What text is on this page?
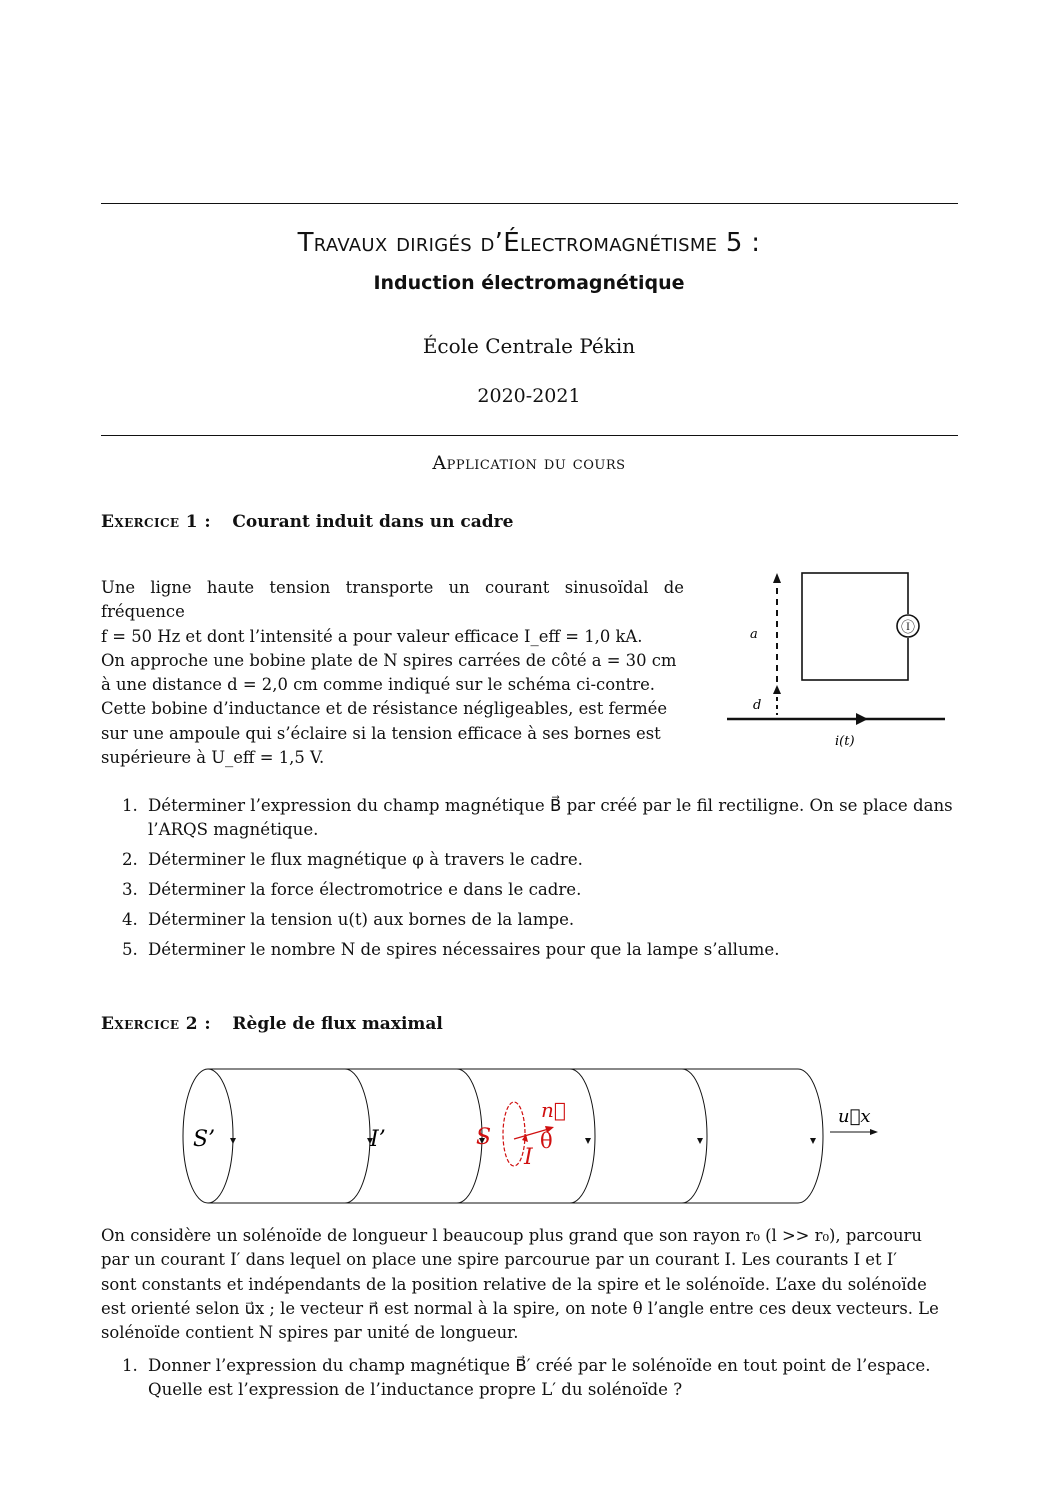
Travaux dirigés d’Électromagnétisme 5 :
Induction électromagnétique
École Centrale Pékin
2020-2021
Application du cours
Exercice 1 : Courant induit dans un cadre
Une ligne haute tension transporte un courant sinusoïdal de fréquence
f = 50 Hz et dont l’intensité a pour valeur efficace I_eff = 1,0 kA.
On approche une bobine plate de N spires carrées de côté a = 30 cm
à une distance d = 2,0 cm comme indiqué sur le schéma ci-contre.
Cette bobine d’inductance et de résistance négligeables, est fermée
sur une ampoule qui s’éclaire si la tension efficace à ses bornes est
supérieure à U_eff = 1,5 V.
Ⓘ
a
d
i(t)
1. Déterminer l’expression du champ magnétique B⃗ par créé par le fil rectiligne. On se place dans l’ARQS magnétique.
2. Déterminer le flux magnétique φ à travers le cadre.
3. Déterminer la force électromotrice e dans le cadre.
4. Déterminer la tension u(t) aux bornes de la lampe.
5. Déterminer le nombre N de spires nécessaires pour que la lampe s’allume.
Exercice 2 : Règle de flux maximal
S’	I’	S
I
n⃗
θ
u⃗x
On considère un solénoïde de longueur l beaucoup plus grand que son rayon r₀ (l >> r₀), parcouru
par un courant I′ dans lequel on place une spire parcourue par un courant I. Les courants I et I′
sont constants et indépendants de la position relative de la spire et le solénoïde. L’axe du solénoïde
est orienté selon u⃗x ; le vecteur n⃗ est normal à la spire, on note θ l’angle entre ces deux vecteurs. Le
solénoïde contient N spires par unité de longueur.
1. Donner l’expression du champ magnétique B⃗′ créé par le solénoïde en tout point de l’espace. Quelle est l’expression de l’inductance propre L′ du solénoïde ?
